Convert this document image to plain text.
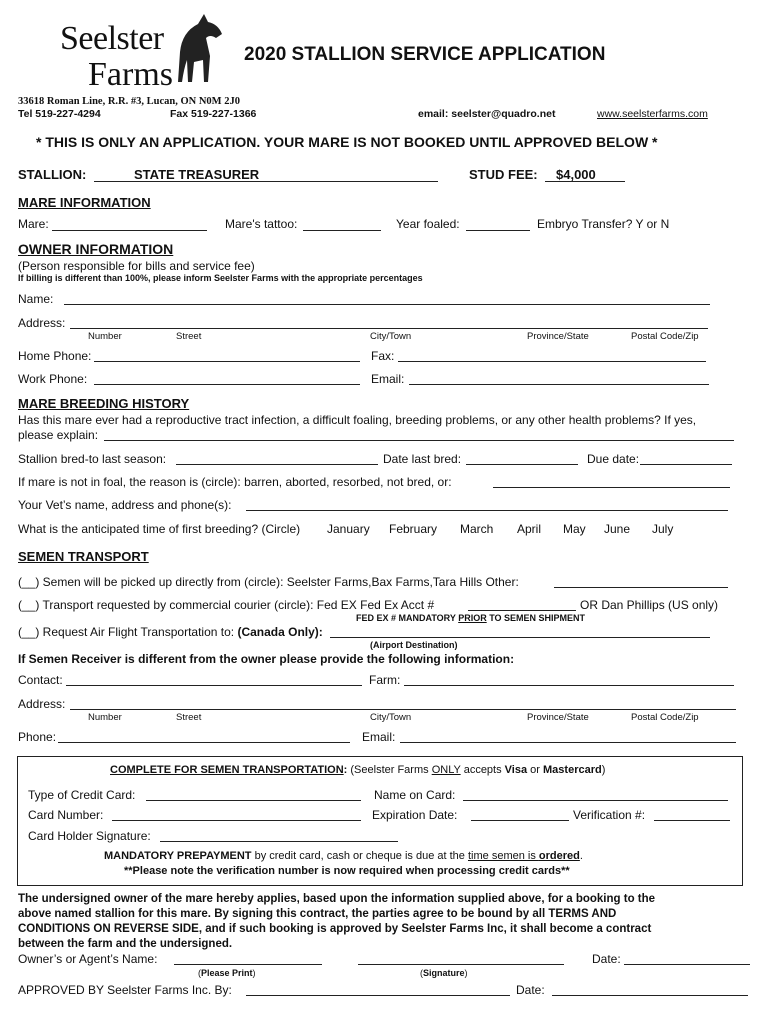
Seelster
Farms
2020 STALLION SERVICE APPLICATION
33618 Roman Line, R.R. #3, Lucan, ON N0M 2J0
Tel 519-227-4294	Fax 519-227-1366	email: seelster@quadro.net	www.seelsterfarms.com
* THIS IS ONLY AN APPLICATION. YOUR MARE IS NOT BOOKED UNTIL APPROVED BELOW *
STALLION:	STATE TREASURER	STUD FEE: $4,000
MARE INFORMATION
Mare:	Mare's tattoo:	Year foaled:	Embryo Transfer? Y or N
OWNER INFORMATION
(Person responsible for bills and service fee)
If billing is different than 100%, please inform Seelster Farms with the appropriate percentages
Name:
Address:
Number	Street	City/Town	Province/State	Postal Code/Zip
Home Phone:	Fax:
Work Phone:	Email:
MARE BREEDING HISTORY
Has this mare ever had a reproductive tract infection, a difficult foaling, breeding problems, or any other health problems? If yes,
please explain:
Stallion bred-to last season:	Date last bred:	Due date:
If mare is not in foal, the reason is (circle): barren, aborted, resorbed, not bred, or:
Your Vet’s name, address and phone(s):
What is the anticipated time of first breeding? (Circle) January February March April May June July
SEMEN TRANSPORT
(__) Semen will be picked up directly from (circle): Seelster Farms,Bax Farms,Tara Hills Other:
(__) Transport requested by commercial courier (circle): Fed EX Fed Ex Acct #	OR Dan Phillips (US only)
FED EX # MANDATORY PRIOR TO SEMEN SHIPMENT
(__) Request Air Flight Transportation to: (Canada Only):
(Airport Destination)
If Semen Receiver is different from the owner please provide the following information:
Contact:	Farm:
Address:
Number	Street	City/Town	Province/State	Postal Code/Zip
Phone:	Email:
COMPLETE FOR SEMEN TRANSPORTATION: (Seelster Farms ONLY accepts Visa or Mastercard)
Type of Credit Card:	Name on Card:
Card Number:	Expiration Date:	Verification #:
Card Holder Signature:
MANDATORY PREPAYMENT by credit card, cash or cheque is due at the time semen is ordered.
**Please note the verification number is now required when processing credit cards**
The undersigned owner of the mare hereby applies, based upon the information supplied above, for a booking to the
above named stallion for this mare. By signing this contract, the parties agree to be bound by all TERMS AND
CONDITIONS ON REVERSE SIDE, and if such booking is approved by Seelster Farms Inc, it shall become a contract
between the farm and the undersigned.
Owner’s or Agent’s Name:	Date:
(Please Print)	(Signature)
APPROVED BY Seelster Farms Inc. By:	Date:
